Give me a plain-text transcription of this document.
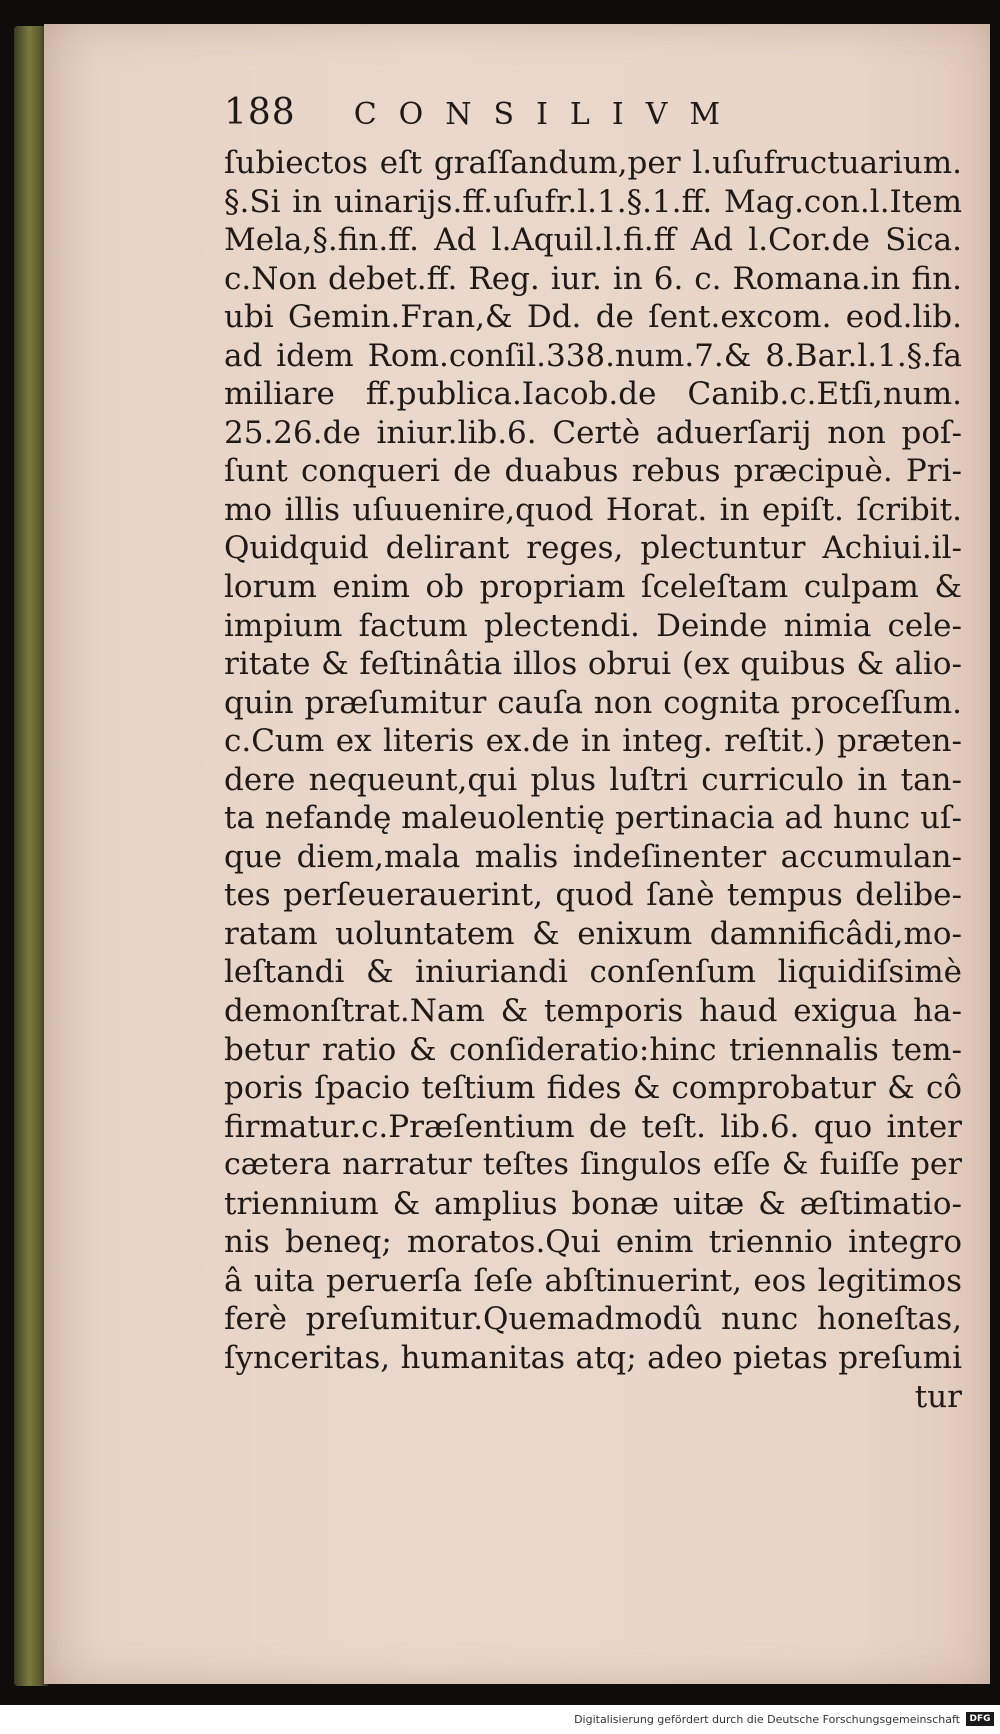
188 CONSILIVM
ſubiectos eſt graſſandum,per l.uſufructuarium.
§.Si in uinarijs.ff.uſufr.l.1.§.1.ff. Mag.con.l.Item
Mela,§.fin.ff. Ad l.Aquil.l.fi.ff Ad l.Cor.de Sica.
c.Non debet.ff. Reg. iur. in 6. c. Romana.in fin.
ubi Gemin.Fran,& Dd. de ſent.excom. eod.lib.
ad idem Rom.conſil.338.num.7.& 8.Bar.l.1.§.fa
miliare ff.publica.Iacob.de Canib.c.Etſi,num.
25.26.de iniur.lib.6. Certè aduerſarij non poſ-
ſunt conqueri de duabus rebus præcipuè. Pri-
mo illis uſuuenire,quod Horat. in epiſt. ſcribit.
Quidquid delirant reges, plectuntur Achiui.il-
lorum enim ob propriam ſceleſtam culpam &
impium factum plectendi. Deinde nimia cele-
ritate & feſtinâtia illos obrui (ex quibus & alio-
quin præſumitur cauſa non cognita proceſſum.
c.Cum ex literis ex.de in integ. reſtit.) præten-
dere nequeunt,qui plus luſtri curriculo in tan-
ta nefandę maleuolentię pertinacia ad hunc uſ-
que diem,mala malis indeſinenter accumulan-
tes perſeuerauerint, quod ſanè tempus delibe-
ratam uoluntatem & enixum damnificâdi,mo-
leſtandi & iniuriandi conſenſum liquidiſsimè
demonſtrat.Nam & temporis haud exigua ha-
betur ratio & conſideratio:hinc triennalis tem-
poris ſpacio teſtium fides & comprobatur & cô
firmatur.c.Præſentium de teſt. lib.6. quo inter
cætera narratur teſtes ſingulos eſſe & fuiſſe per
triennium & amplius bonæ uitæ & æſtimatio-
nis beneq; moratos.Qui enim triennio integro
â uita peruerſa ſeſe abſtinuerint, eos legitimos
ferè preſumitur.Quemadmodû nunc honeſtas,
ſynceritas, humanitas atq; adeo pietas preſumi
tur
Digitalisierung gefördert durch die Deutsche Forschungsgemeinschaft	DFG
